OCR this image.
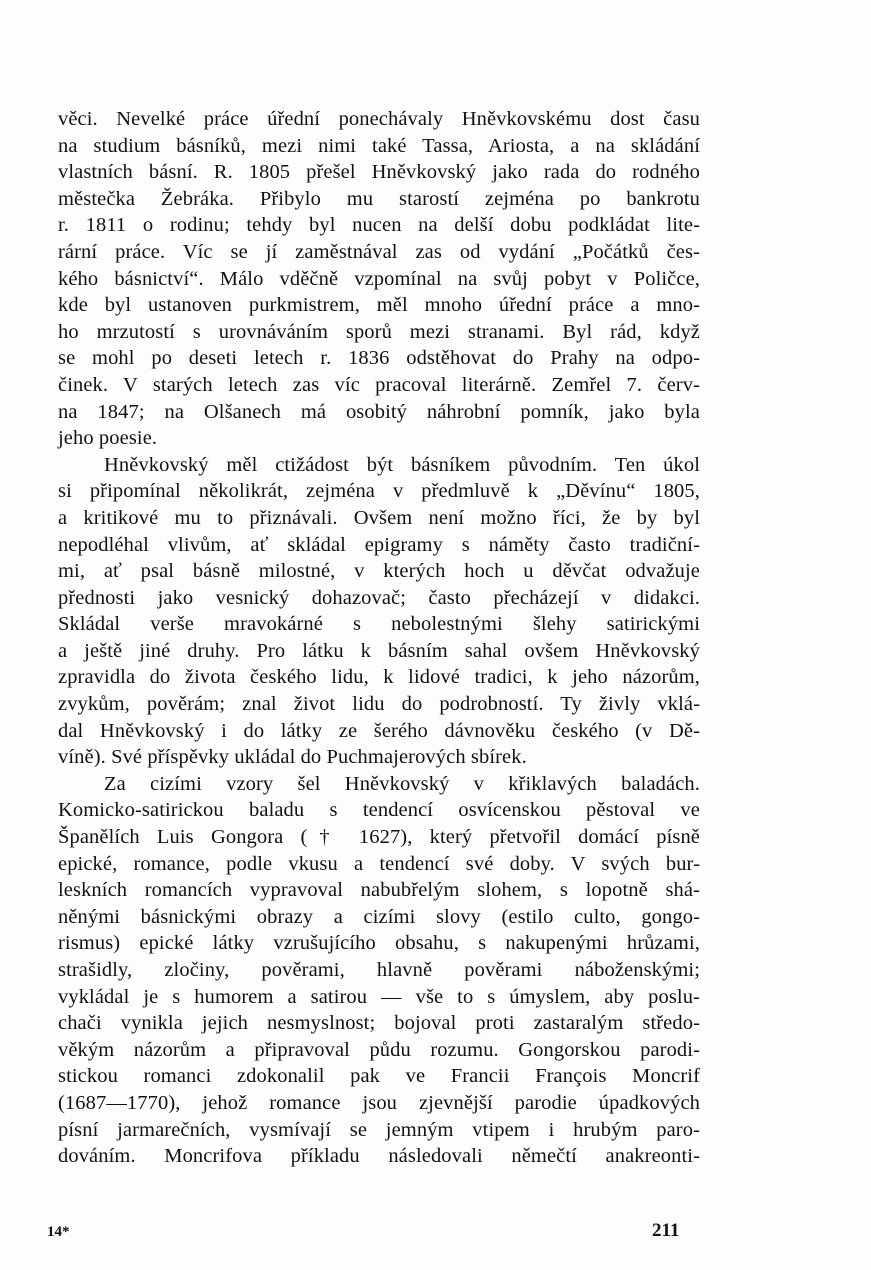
věci. Nevelké práce úřední ponechávaly Hněvkovskému dost času
na studium básníků, mezi nimi také Tassa, Ariosta, a na skládání
vlastních básní. R. 1805 přešel Hněvkovský jako rada do rodného
městečka Žebráka. Přibylo mu starostí zejména po bankrotu
r. 1811 o rodinu; tehdy byl nucen na delší dobu podkládat lite-
rární práce. Víc se jí zaměstnával zas od vydání „Počátků čes-
kého básnictví“. Málo vděčně vzpomínal na svůj pobyt v Poličce,
kde byl ustanoven purkmistrem, měl mnoho úřední práce a mno-
ho mrzutostí s urovnáváním sporů mezi stranami. Byl rád, když
se mohl po deseti letech r. 1836 odstěhovat do Prahy na odpo-
činek. V starých letech zas víc pracoval literárně. Zemřel 7. červ-
na 1847; na Olšanech má osobitý náhrobní pomník, jako byla
jeho poesie.
Hněvkovský měl ctižádost být básníkem původním. Ten úkol
si připomínal několikrát, zejména v předmluvě k „Děvínu“ 1805,
a kritikové mu to přiznávali. Ovšem není možno říci, že by byl
nepodléhal vlivům, ať skládal epigramy s náměty často tradiční-
mi, ať psal básně milostné, v kterých hoch u děvčat odvažuje
přednosti jako vesnický dohazovač; často přecházejí v didakci.
Skládal verše mravokárné s nebolestnými šlehy satirickými
a ještě jiné druhy. Pro látku k básním sahal ovšem Hněvkovský
zpravidla do života českého lidu, k lidové tradici, k jeho názorům,
zvykům, pověrám; znal život lidu do podrobností. Ty živly vklá-
dal Hněvkovský i do látky ze šerého dávnověku českého (v Dě-
víně). Své příspěvky ukládal do Puchmajerových sbírek.
Za cizími vzory šel Hněvkovský v křiklavých baladách.
Komicko-satirickou baladu s tendencí osvícenskou pěstoval ve
Španělích Luis Gongora († 1627), který přetvořil domácí písně
epické, romance, podle vkusu a tendencí své doby. V svých bur-
leskních romancích vypravoval nabubřelým slohem, s lopotně shá-
něnými básnickými obrazy a cizími slovy (estilo culto, gongo-
rismus) epické látky vzrušujícího obsahu, s nakupenými hrůzami,
strašidly, zločiny, pověrami, hlavně pověrami náboženskými;
vykládal je s humorem a satirou — vše to s úmyslem, aby poslu-
chači vynikla jejich nesmyslnost; bojoval proti zastaralým středo-
věkým názorům a připravoval půdu rozumu. Gongorskou parodi-
stickou romanci zdokonalil pak ve Francii François Moncrif
(1687—1770), jehož romance jsou zjevnější parodie úpadkových
písní jarmarečních, vysmívají se jemným vtipem i hrubým paro-
dováním. Moncrifova příkladu následovali němečtí anakreonti-
14*	211
